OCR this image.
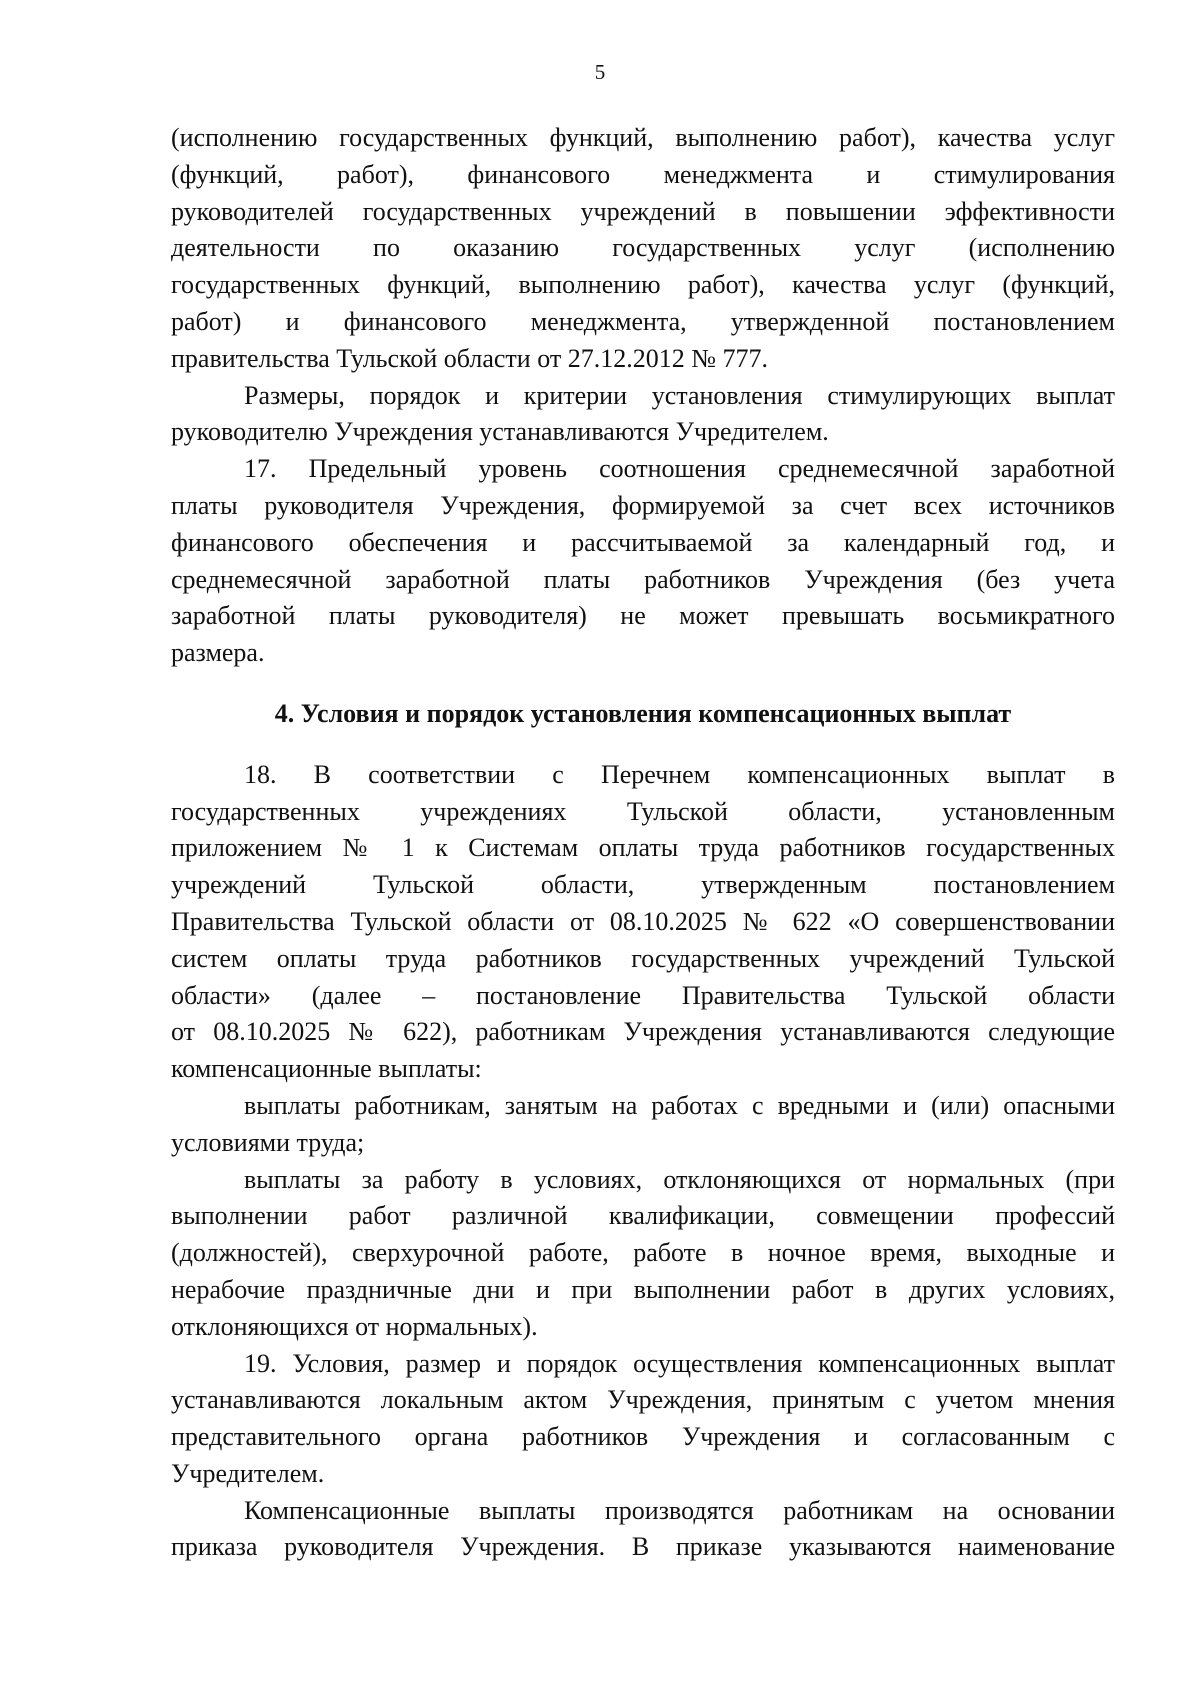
5
(исполнению государственных функций, выполнению работ), качества услуг
(функций, работ), финансового менеджмента и стимулирования
руководителей государственных учреждений в повышении эффективности
деятельности по оказанию государственных услуг (исполнению
государственных функций, выполнению работ), качества услуг (функций,
работ) и финансового менеджмента, утвержденной постановлением
правительства Тульской области от 27.12.2012 № 777.
Размеры, порядок и критерии установления стимулирующих выплат
руководителю Учреждения устанавливаются Учредителем.
17. Предельный уровень соотношения среднемесячной заработной
платы руководителя Учреждения, формируемой за счет всех источников
финансового обеспечения и рассчитываемой за календарный год, и
среднемесячной заработной платы работников Учреждения (без учета
заработной платы руководителя) не может превышать восьмикратного
размера.
4. Условия и порядок установления компенсационных выплат
18. В соответствии с Перечнем компенсационных выплат в
государственных учреждениях Тульской области, установленным
приложением № 1 к Системам оплаты труда работников государственных
учреждений Тульской области, утвержденным постановлением
Правительства Тульской области от 08.10.2025 № 622 «О совершенствовании
систем оплаты труда работников государственных учреждений Тульской
области» (далее – постановление Правительства Тульской области
от 08.10.2025 № 622), работникам Учреждения устанавливаются следующие
компенсационные выплаты:
выплаты работникам, занятым на работах с вредными и (или) опасными
условиями труда;
выплаты за работу в условиях, отклоняющихся от нормальных (при
выполнении работ различной квалификации, совмещении профессий
(должностей), сверхурочной работе, работе в ночное время, выходные и
нерабочие праздничные дни и при выполнении работ в других условиях,
отклоняющихся от нормальных).
19. Условия, размер и порядок осуществления компенсационных выплат
устанавливаются локальным актом Учреждения, принятым с учетом мнения
представительного органа работников Учреждения и согласованным с
Учредителем.
Компенсационные выплаты производятся работникам на основании
приказа руководителя Учреждения. В приказе указываются наименование
